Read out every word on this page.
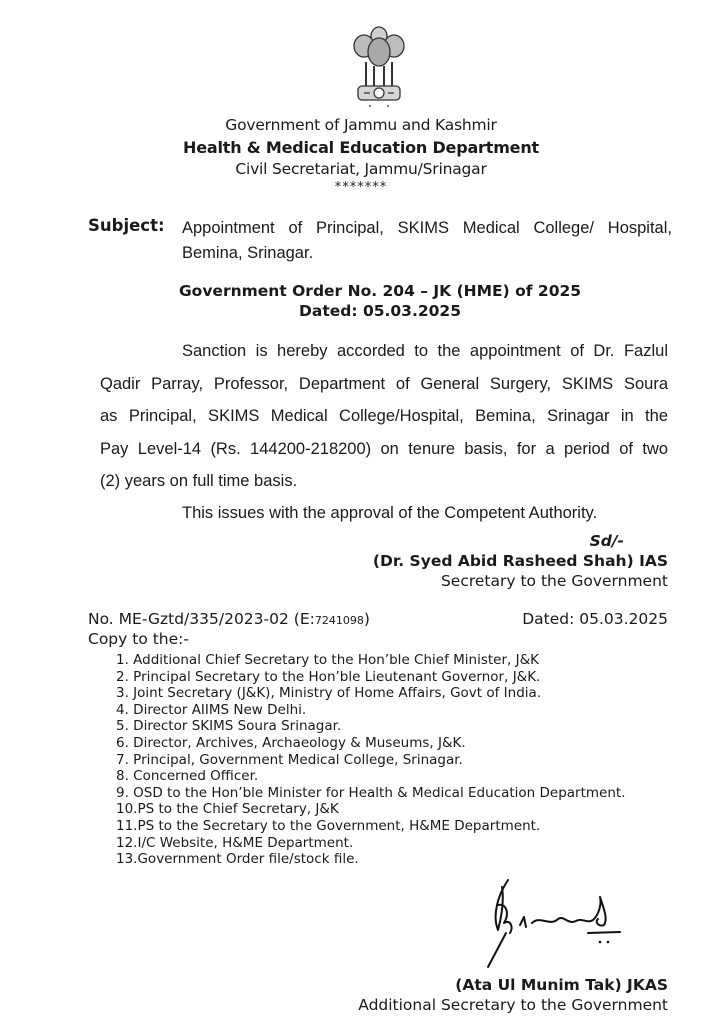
Government of Jammu and Kashmir
Health & Medical Education Department
Civil Secretariat, Jammu/Srinagar
*******
Subject: Appointment of Principal, SKIMS Medical College/ Hospital, Bemina, Srinagar.
Government Order No. 204 – JK (HME) of 2025
Dated: 05.03.2025
Sanction is hereby accorded to the appointment of Dr. Fazlul
Qadir Parray, Professor, Department of General Surgery, SKIMS Soura
as Principal, SKIMS Medical College/Hospital, Bemina, Srinagar in the
Pay Level-14 (Rs. 144200-218200) on tenure basis, for a period of two
(2) years on full time basis.
This issues with the approval of the Competent Authority.
Sd/-
(Dr. Syed Abid Rasheed Shah) IAS
Secretary to the Government
No. ME-Gztd/335/2023-02 (E:7241098)	Dated: 05.03.2025
Copy to the:-
1. Additional Chief Secretary to the Hon’ble Chief Minister, J&K
2. Principal Secretary to the Hon’ble Lieutenant Governor, J&K.
3. Joint Secretary (J&K), Ministry of Home Affairs, Govt of India.
4. Director AIIMS New Delhi.
5. Director SKIMS Soura Srinagar.
6. Director, Archives, Archaeology & Museums, J&K.
7. Principal, Government Medical College, Srinagar.
8. Concerned Officer.
9. OSD to the Hon’ble Minister for Health & Medical Education Department.
10.PS to the Chief Secretary, J&K
11.PS to the Secretary to the Government, H&ME Department.
12.I/C Website, H&ME Department.
13.Government Order file/stock file.
(Ata Ul Munim Tak) JKAS
Additional Secretary to the Government
